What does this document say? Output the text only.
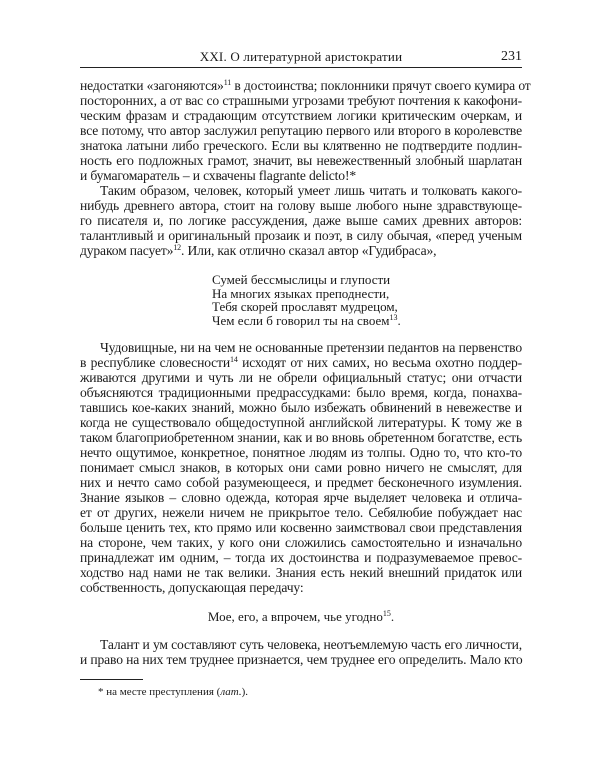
XXI. О литературной аристократии	231
недостатки «загоняются»$^{11}$ в достоинства; поклонники прячут своего кумира от
посторонних, а от вас со страшными угрозами требуют почтения к какофони-
ческим фразам и страдающим отсутствием логики критическим очеркам, и
все потому, что автор заслужил репутацию первого или второго в королевстве
знатока латыни либо греческого. Если вы клятвенно не подтвердите подлин-
ность его подложных грамот, значит, вы невежественный злобный шарлатан
и бумагомаратель – и схвачены flagrante delicto!*
Таким образом, человек, который умеет лишь читать и толковать какого-
нибудь древнего автора, стоит на голову выше любого ныне здравствующе-
го писателя и, по логике рассуждения, даже выше самих древних авторов:
талантливый и оригинальный прозаик и поэт, в силу обычая, «перед ученым
дураком пасует»$^{12}$. Или, как отлично сказал автор «Гудибраса»,
Сумей бессмыслицы и глупости
На многих языках преподнести,
Тебя скорей прославят мудрецом,
Чем если б говорил ты на своем$^{13}$.
Чудовищные, ни на чем не основанные претензии педантов на первенство
в республике словесности$^{14}$ исходят от них самих, но весьма охотно поддер-
живаются другими и чуть ли не обрели официальный статус; они отчасти
объясняются традиционными предрассудками: было время, когда, понахва-
тавшись кое-каких знаний, можно было избежать обвинений в невежестве и
когда не существовало общедоступной английской литературы. К тому же в
таком благоприобретенном знании, как и во вновь обретенном богатстве, есть
нечто ощутимое, конкретное, понятное людям из толпы. Одно то, что кто-то
понимает смысл знаков, в которых они сами ровно ничего не смыслят, для
них и нечто само собой разумеющееся, и предмет бесконечного изумления.
Знание языков – словно одежда, которая ярче выделяет человека и отлича-
ет от других, нежели ничем не прикрытое тело. Себялюбие побуждает нас
больше ценить тех, кто прямо или косвенно заимствовал свои представления
на стороне, чем таких, у кого они сложились самостоятельно и изначально
принадлежат им одним, – тогда их достоинства и подразумеваемое превос-
ходство над нами не так велики. Знания есть некий внешний придаток или
собственность, допускающая передачу:
Мое, его, а впрочем, чье угодно$^{15}$.
Талант и ум составляют суть человека, неотъемлемую часть его личности,
и право на них тем труднее признается, чем труднее его определить. Мало кто
* на месте преступления (лат.).
